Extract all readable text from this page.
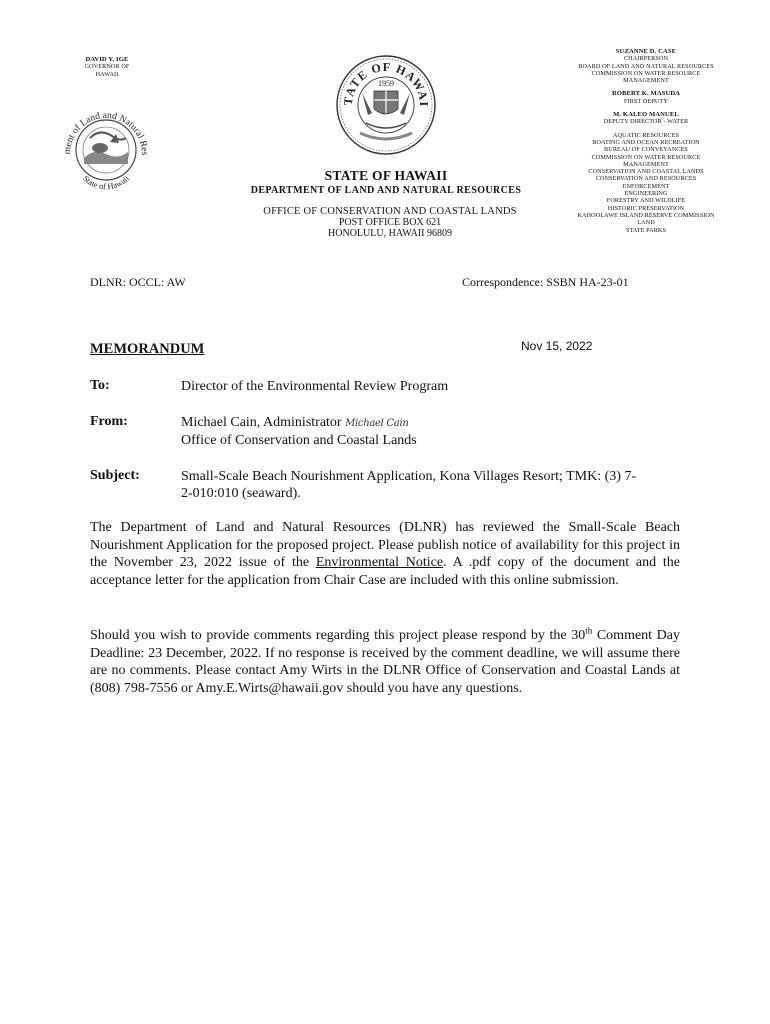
DAVID Y. IGE
GOVERNOR OF
HAWAII
ment of Land and Natural Res
State of Hawaii
TATE OF HAWAI
1959
SUZANNE D. CASE
CHAIRPERSON
BOARD OF LAND AND NATURAL RESOURCES
COMMISSION ON WATER RESOURCE MANAGEMENT
ROBERT K. MASUDA
FIRST DEPUTY
M. KALEO MANUEL
DEPUTY DIRECTOR - WATER
AQUATIC RESOURCES
BOATING AND OCEAN RECREATION
BUREAU OF CONVEYANCES
COMMISSION ON WATER RESOURCE MANAGEMENT
CONSERVATION AND COASTAL LANDS
CONSERVATION AND RESOURCES ENFORCEMENT
ENGINEERING
FORESTRY AND WILDLIFE
HISTORIC PRESERVATION
KAHOOLAWE ISLAND RESERVE COMMISSION
LAND
STATE PARKS
STATE OF HAWAII
DEPARTMENT OF LAND AND NATURAL RESOURCES
OFFICE OF CONSERVATION AND COASTAL LANDS
POST OFFICE BOX 621
HONOLULU, HAWAII 96809
DLNR: OCCL: AW	Correspondence: SSBN HA-23-01
MEMORANDUM	Nov 15, 2022
To:	Director of the Environmental Review Program
From:	Michael Cain, Administrator Michael Cain
Office of Conservation and Coastal Lands
Subject:	Small-Scale Beach Nourishment Application, Kona Villages Resort; TMK: (3) 7-
2-010:010 (seaward).
The Department of Land and Natural Resources (DLNR) has reviewed the Small-Scale Beach Nourishment Application for the proposed project. Please publish notice of availability for this project in the November 23, 2022 issue of the Environmental Notice. A .pdf copy of the document and the acceptance letter for the application from Chair Case are included with this online submission.
Should you wish to provide comments regarding this project please respond by the 30th Comment Day Deadline: 23 December, 2022. If no response is received by the comment deadline, we will assume there are no comments. Please contact Amy Wirts in the DLNR Office of Conservation and Coastal Lands at (808) 798-7556 or Amy.E.Wirts@hawaii.gov should you have any questions.
